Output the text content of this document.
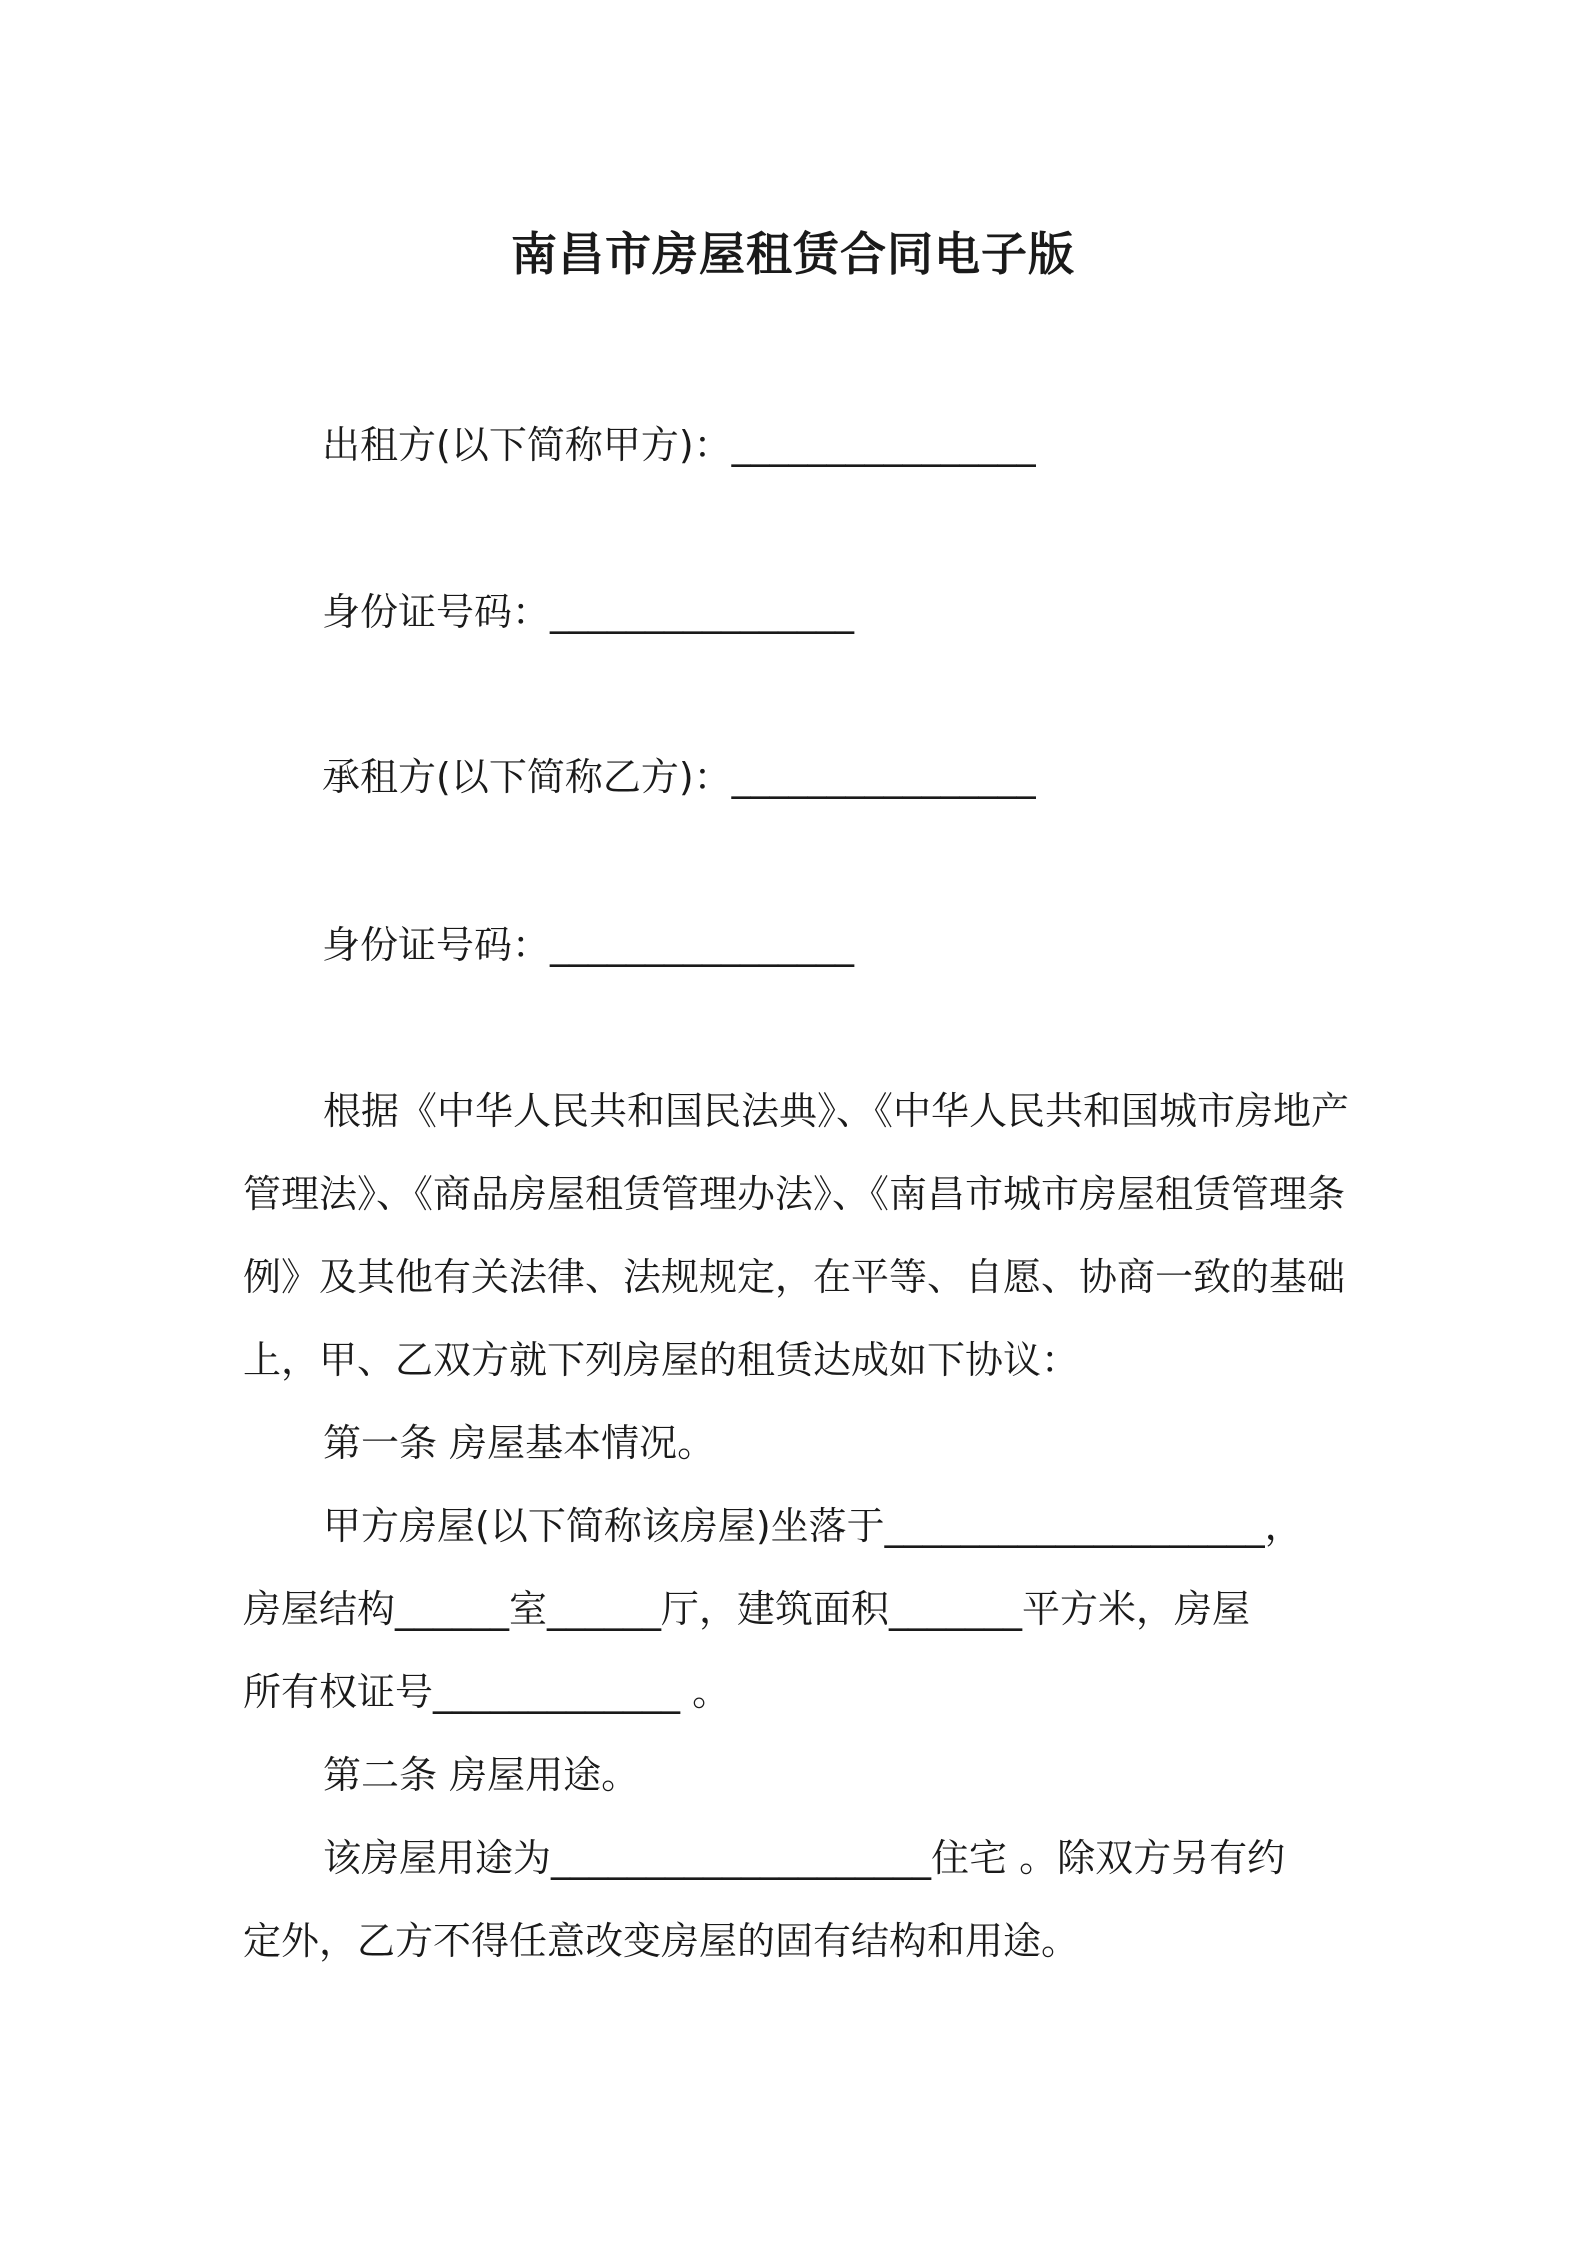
南昌市房屋租赁合同电子版
出租方(以下简称甲方)：________________
身份证号码：________________
承租方(以下简称乙方)：________________
身份证号码：________________

根据《中华人民共和国民法典》、《中华人民共和国城市房地产管理法》、《商品房屋租赁管理办法》、《南昌市城市房屋租赁管理条例》及其他有关法律、法规规定，在平等、自愿、协商一致的基础上，甲、乙双方就下列房屋的租赁达成如下协议：

第一条 房屋基本情况。
甲方房屋(以下简称该房屋)坐落于____________________，
房屋结构______室______厅，建筑面积_______平方米，房屋
所有权证号_____________ 。
第二条 房屋用途。
该房屋用途为____________________住宅 。除双方另有约
定外，乙方不得任意改变房屋的固有结构和用途。
